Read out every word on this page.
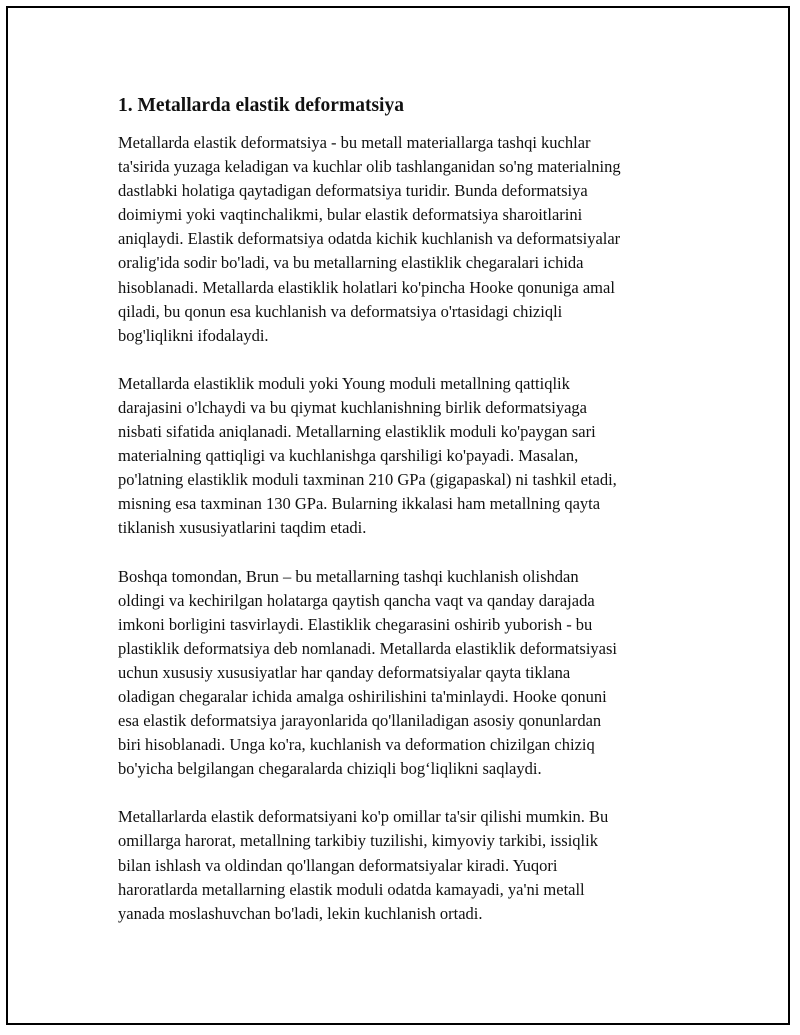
1. Metallarda elastik deformatsiya

Metallarda elastik deformatsiya - bu metall materiallarga tashqi kuchlar
ta'sirida yuzaga keladigan va kuchlar olib tashlanganidan so'ng materialning
dastlabki holatiga qaytadigan deformatsiya turidir. Bunda deformatsiya
doimiymi yoki vaqtinchalikmi, bular elastik deformatsiya sharoitlarini
aniqlaydi. Elastik deformatsiya odatda kichik kuchlanish va deformatsiyalar
oralig'ida sodir bo'ladi, va bu metallarning elastiklik chegaralari ichida
hisoblanadi. Metallarda elastiklik holatlari ko'pincha Hooke qonuniga amal
qiladi, bu qonun esa kuchlanish va deformatsiya o'rtasidagi chiziqli
bog'liqlikni ifodalaydi.

Metallarda elastiklik moduli yoki Young moduli metallning qattiqlik
darajasini o'lchaydi va bu qiymat kuchlanishning birlik deformatsiyaga
nisbati sifatida aniqlanadi. Metallarning elastiklik moduli ko'paygan sari
materialning qattiqligi va kuchlanishga qarshiligi ko'payadi. Masalan,
po'latning elastiklik moduli taxminan 210 GPa (gigapaskal) ni tashkil etadi,
misning esa taxminan 130 GPa. Bularning ikkalasi ham metallning qayta
tiklanish xususiyatlarini taqdim etadi.

Boshqa tomondan, Brun – bu metallarning tashqi kuchlanish olishdan
oldingi va kechirilgan holatarga qaytish qancha vaqt va qanday darajada
imkoni borligini tasvirlaydi. Elastiklik chegarasini oshirib yuborish - bu
plastiklik deformatsiya deb nomlanadi. Metallarda elastiklik deformatsiyasi
uchun xususiy xususiyatlar har qanday deformatsiyalar qayta tiklana
oladigan chegaralar ichida amalga oshirilishini ta'minlaydi. Hooke qonuni
esa elastik deformatsiya jarayonlarida qo'llaniladigan asosiy qonunlardan
biri hisoblanadi. Unga ko'ra, kuchlanish va deformation chizilgan chiziq
bo'yicha belgilangan chegaralarda chiziqli bog‘liqlikni saqlaydi.

Metallarlarda elastik deformatsiyani ko'p omillar ta'sir qilishi mumkin. Bu
omillarga harorat, metallning tarkibiy tuzilishi, kimyoviy tarkibi, issiqlik
bilan ishlash va oldindan qo'llangan deformatsiyalar kiradi. Yuqori
haroratlarda metallarning elastik moduli odatda kamayadi, ya'ni metall
yanada moslashuvchan bo'ladi, lekin kuchlanish ortadi.
